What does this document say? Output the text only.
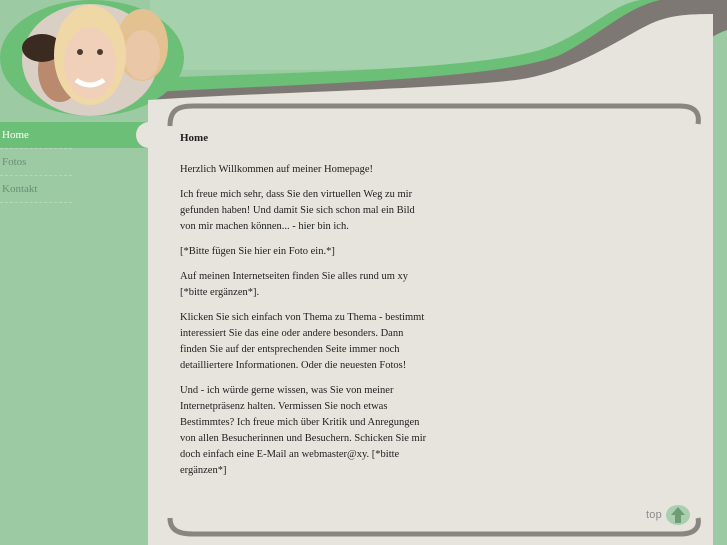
Home
Fotos
Kontakt
Home

Herzlich Willkommen auf meiner Homepage!

Ich freue mich sehr, dass Sie den virtuellen Weg zu mir gefunden haben! Und damit Sie sich schon mal ein Bild von mir machen können... - hier bin ich.

[*Bitte fügen Sie hier ein Foto ein.*]

Auf meinen Internetseiten finden Sie alles rund um xy [*bitte ergänzen*].

Klicken Sie sich einfach von Thema zu Thema - bestimmt interessiert Sie das eine oder andere besonders. Dann finden Sie auf der entsprechenden Seite immer noch detailliertere Informationen. Oder die neuesten Fotos!

Und - ich würde gerne wissen, was Sie von meiner Internetpräsenz halten. Vermissen Sie noch etwas Bestimmtes? Ich freue mich über Kritik und Anregungen von allen Besucherinnen und Besuchern. Schicken Sie mir doch einfach eine E-Mail an webmaster@xy. [*bitte ergänzen*]

top
